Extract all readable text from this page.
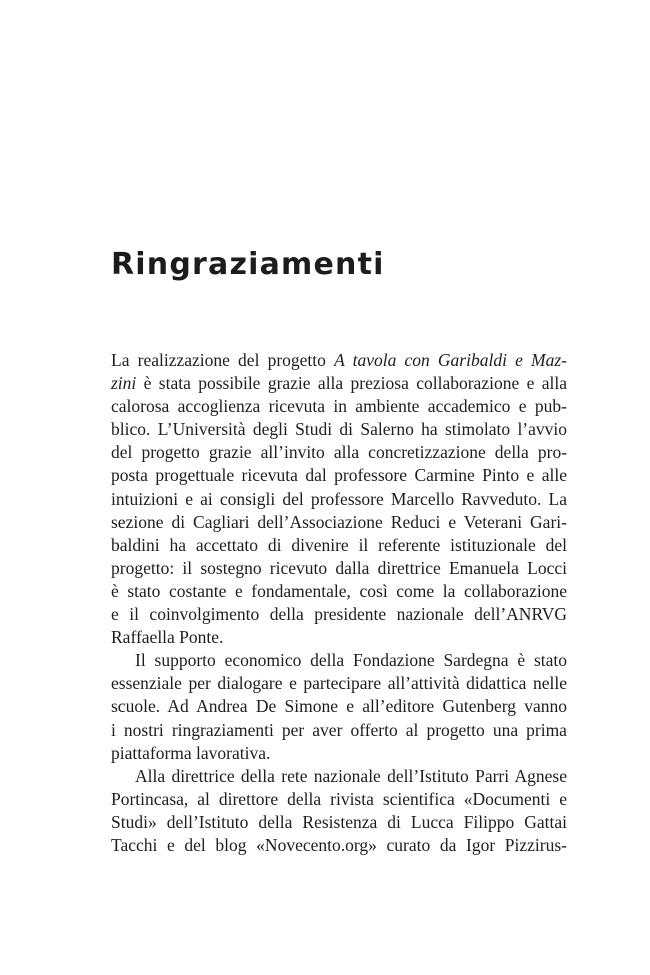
Ringraziamenti
La realizzazione del progetto A tavola con Garibaldi e Maz-
zini è stata possibile grazie alla preziosa collaborazione e alla
calorosa accoglienza ricevuta in ambiente accademico e pub-
blico. L’Università degli Studi di Salerno ha stimolato l’avvio
del progetto grazie all’invito alla concretizzazione della pro-
posta progettuale ricevuta dal professore Carmine Pinto e alle
intuizioni e ai consigli del professore Marcello Ravveduto. La
sezione di Cagliari dell’Associazione Reduci e Veterani Gari-
baldini ha accettato di divenire il referente istituzionale del
progetto: il sostegno ricevuto dalla direttrice Emanuela Locci
è stato costante e fondamentale, così come la collaborazione
e il coinvolgimento della presidente nazionale dell’ANRVG
Raffaella Ponte.
Il supporto economico della Fondazione Sardegna è stato
essenziale per dialogare e partecipare all’attività didattica nelle
scuole. Ad Andrea De Simone e all’editore Gutenberg vanno
i nostri ringraziamenti per aver offerto al progetto una prima
piattaforma lavorativa.
Alla direttrice della rete nazionale dell’Istituto Parri Agnese
Portincasa, al direttore della rivista scientifica «Documenti e
Studi» dell’Istituto della Resistenza di Lucca Filippo Gattai
Tacchi e del blog «Novecento.org» curato da Igor Pizzirus-
